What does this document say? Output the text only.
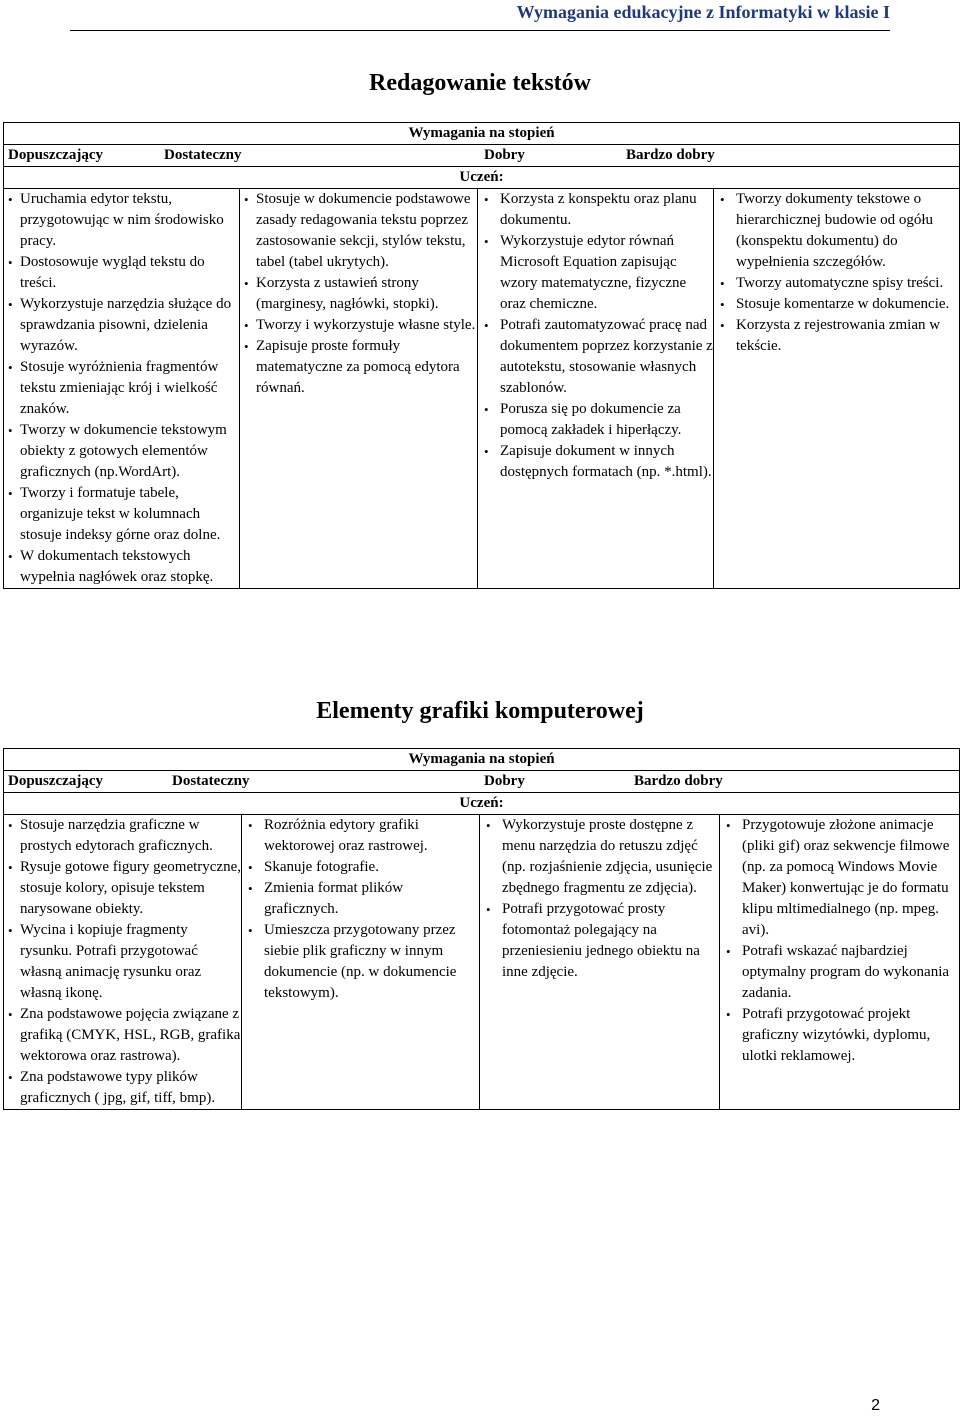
Wymagania edukacyjne z Informatyki w klasie I
Redagowanie tekstów
Wymagania na stopień

Dopuszczający	Dostateczny	Dobry	Bardzo dobry

Uczeń:

• Uruchamia edytor tekstu, przygotowując w nim środowisko pracy.
• Dostosowuje wygląd tekstu do treści.
• Wykorzystuje narzędzia służące do sprawdzania pisowni, dzielenia wyrazów.
• Stosuje wyróżnienia fragmentów tekstu zmieniając krój i wielkość znaków.
• Tworzy w dokumencie tekstowym obiekty z gotowych elementów graficznych (np.WordArt).
• Tworzy i formatuje tabele, organizuje tekst w kolumnach stosuje indeksy górne oraz dolne.
• W dokumentach tekstowych wypełnia nagłówek oraz stopkę.

• Stosuje w dokumencie podstawowe zasady redagowania tekstu poprzez zastosowanie sekcji, stylów tekstu, tabel (tabel ukrytych).
• Korzysta z ustawień strony (marginesy, nagłówki, stopki).
• Tworzy i wykorzystuje własne style.
• Zapisuje proste formuły matematyczne za pomocą edytora równań.

• Korzysta z konspektu oraz planu dokumentu.
• Wykorzystuje edytor równań Microsoft Equation zapisując wzory matematyczne, fizyczne oraz chemiczne.
• Potrafi zautomatyzować pracę nad dokumentem poprzez korzystanie z autotekstu, stosowanie własnych szablonów.
• Porusza się po dokumencie za pomocą zakładek i hiperłączy.
• Zapisuje dokument w innych dostępnych formatach (np. *.html).

• Tworzy dokumenty tekstowe o hierarchicznej budowie od ogółu (konspektu dokumentu) do wypełnienia szczegółów.
• Tworzy automatyczne spisy treści.
• Stosuje komentarze w dokumencie.
• Korzysta z rejestrowania zmian w tekście.
Elementy grafiki komputerowej
Wymagania na stopień

Dopuszczający	Dostateczny	Dobry	Bardzo dobry

Uczeń:

• Stosuje narzędzia graficzne w prostych edytorach graficznych.
• Rysuje gotowe figury geometryczne, stosuje kolory, opisuje tekstem narysowane obiekty.
• Wycina i kopiuje fragmenty rysunku. Potrafi przygotować własną animację rysunku oraz własną ikonę.
• Zna podstawowe pojęcia związane z grafiką (CMYK, HSL, RGB, grafika wektorowa oraz rastrowa).
• Zna podstawowe typy plików graficznych ( jpg, gif, tiff, bmp).

• Rozróżnia edytory grafiki wektorowej oraz rastrowej.
• Skanuje fotografie.
• Zmienia format plików graficznych.
• Umieszcza przygotowany przez siebie plik graficzny w innym dokumencie (np. w dokumencie tekstowym).

• Wykorzystuje proste dostępne z menu narzędzia do retuszu zdjęć (np. rozjaśnienie zdjęcia, usunięcie zbędnego fragmentu ze zdjęcia).
• Potrafi przygotować prosty fotomontaż polegający na przeniesieniu jednego obiektu na inne zdjęcie.

• Przygotowuje złożone animacje (pliki gif) oraz sekwencje filmowe (np. za pomocą Windows Movie Maker) konwertując je do formatu klipu mltimedialnego (np. mpeg. avi).
• Potrafi wskazać najbardziej optymalny program do wykonania zadania.
• Potrafi przygotować projekt graficzny wizytówki, dyplomu, ulotki reklamowej.
2
